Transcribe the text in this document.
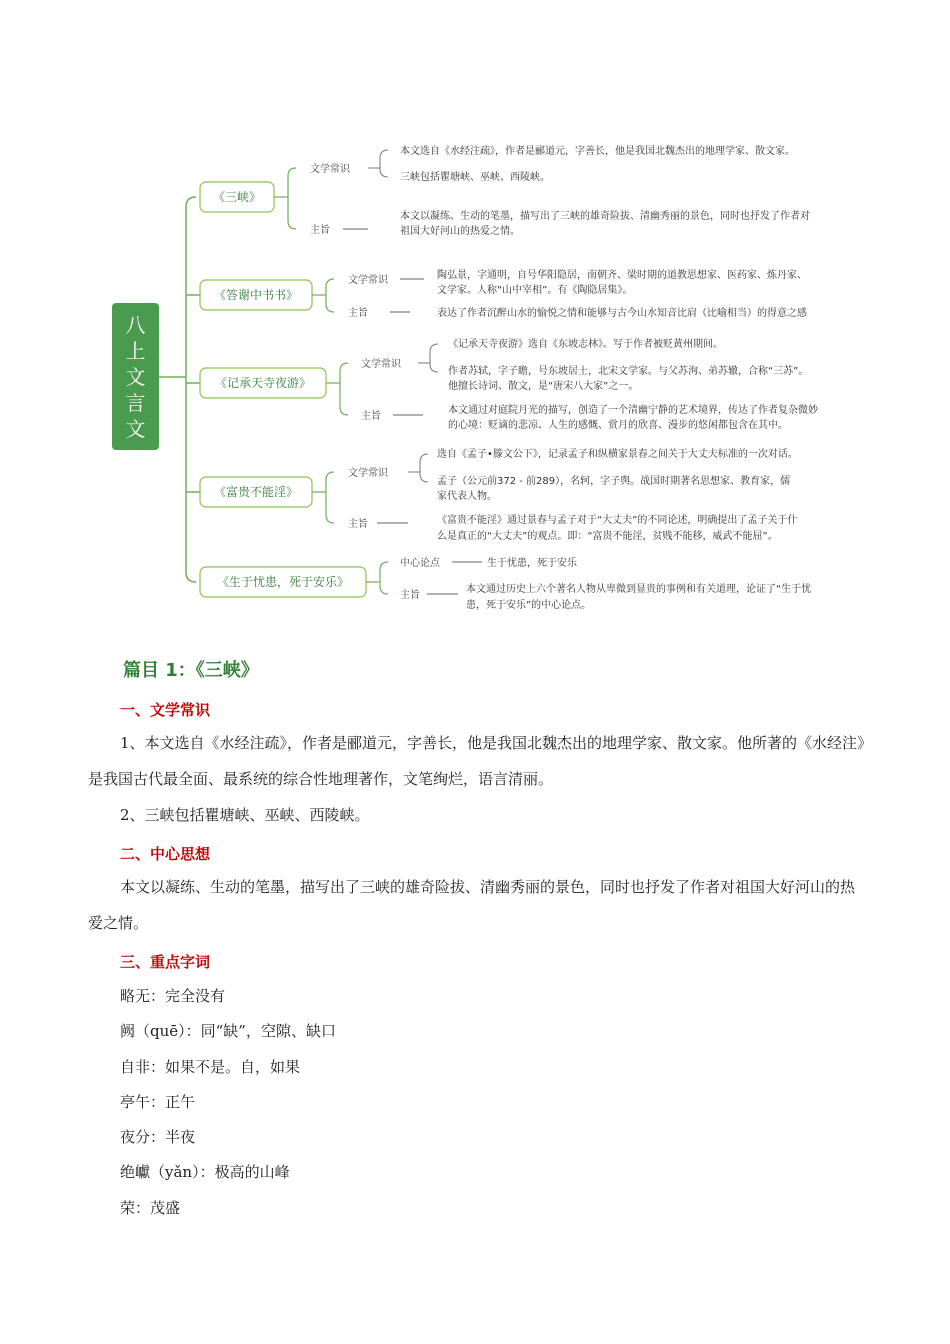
八
上
文
言
文
《三峡》
文学常识
本文选自《水经注疏》，作者是郦道元，字善长，他是我国北魏杰出的地理学家、散文家。
三峡包括瞿塘峡、巫峡、西陵峡。
主旨
本文以凝练、生动的笔墨，描写出了三峡的雄奇险拔、清幽秀丽的景色，同时也抒发了作者对
祖国大好河山的热爱之情。
《答谢中书书》
文学常识	陶弘景，字通明，自号华阳隐居，南朝齐、梁时期的道教思想家、医药家、炼丹家、
文学家。人称“山中宰相”。有《陶隐居集》。
主旨	表达了作者沉醉山水的愉悦之情和能够与古今山水知音比肩（比喻相当）的得意之感
《记承天寺夜游》
文学常识
《记承天寺夜游》选自《东坡志林》。写于作者被贬黄州期间。
作者苏轼，字子瞻，号东坡居士，北宋文学家。与父苏洵、弟苏辙，合称“三苏”。
他擅长诗词、散文，是“唐宋八大家”之一。
主旨
本文通过对庭院月光的描写，创造了一个清幽宁静的艺术境界，传达了作者复杂微妙
的心境：贬谪的悲凉、人生的感慨、赏月的欣喜、漫步的悠闲都包含在其中。
《富贵不能淫》
文学常识
选自《孟子•滕文公下》，记录孟子和纵横家景春之间关于大丈夫标准的一次对话。
孟子（公元前372 - 前289），名轲，字子舆。战国时期著名思想家、教育家，儒
家代表人物。
主旨	《富贵不能淫》通过景春与孟子对于“大丈夫”的不同论述，明确提出了孟子关于什
么是真正的“大丈夫”的观点。即：“富贵不能淫，贫贱不能移，威武不能屈”。
《生于忧患，死于安乐》
中心论点	生于忧患，死于安乐
主旨
本文通过历史上六个著名人物从卑微到显贵的事例和有关道理，论证了“生于忧
患，死于安乐”的中心论点。
篇目 1：《三峡》
一、文学常识
1、本文选自《水经注疏》，作者是郦道元，字善长，他是我国北魏杰出的地理学家、散文家。他所著的《水经注》是我国古代最全面、最系统的综合性地理著作，文笔绚烂，语言清丽。
2、三峡包括瞿塘峡、巫峡、西陵峡。
二、中心思想
本文以凝练、生动的笔墨，描写出了三峡的雄奇险拔、清幽秀丽的景色，同时也抒发了作者对祖国大好河山的热爱之情。
三、重点字词
略无：完全没有
阙（quē）：同“缺”，空隙、缺口
自非：如果不是。自，如果
亭午：正午
夜分：半夜
绝巘（yǎn）：极高的山峰
荣：茂盛
